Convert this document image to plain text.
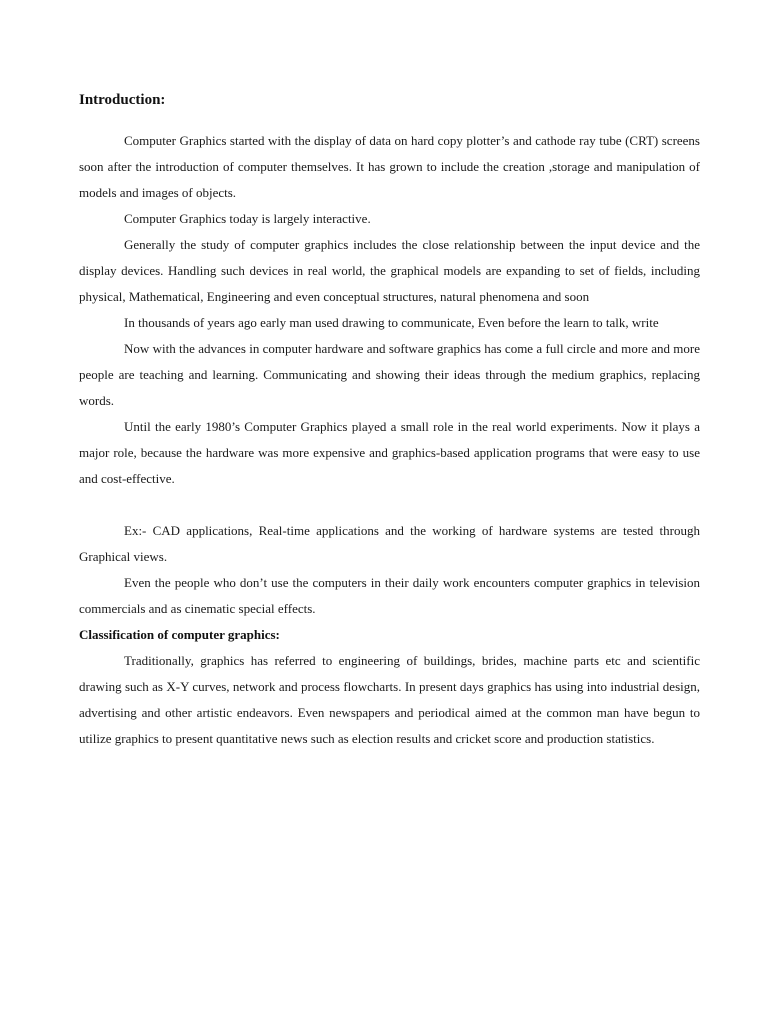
Introduction:

Computer Graphics started with the display of data on hard copy plotter’s and cathode ray tube (CRT) screens soon after the introduction of computer themselves. It has grown to include the creation ,storage and manipulation of models and images of objects.

Computer Graphics today is largely interactive.

Generally the study of computer graphics includes the close relationship between the input device and the display devices. Handling such devices in real world, the graphical models are expanding to set of fields, including physical, Mathematical, Engineering and even conceptual structures, natural phenomena and soon

In thousands of years ago early man used drawing to communicate, Even before the learn to talk, write

Now with the advances in computer hardware and software graphics has come a full circle and more and more people are teaching and learning. Communicating and showing their ideas through the medium graphics, replacing words.

Until the early 1980’s Computer Graphics played a small role in the real world experiments. Now it plays a major role, because the hardware was more expensive and graphics-based application programs that were easy to use and cost-effective.

Ex:- CAD applications, Real-time applications and the working of hardware systems are tested through Graphical views.

Even the people who don’t use the computers in their daily work encounters computer graphics in television commercials and as cinematic special effects.

Classification of computer graphics:

Traditionally, graphics has referred to engineering of buildings, brides, machine parts etc and scientific drawing such as X-Y curves, network and process flowcharts. In present days graphics has using into industrial design, advertising and other artistic endeavors. Even newspapers and periodical aimed at the common man have begun to utilize graphics to present quantitative news such as election results and cricket score and production statistics.
